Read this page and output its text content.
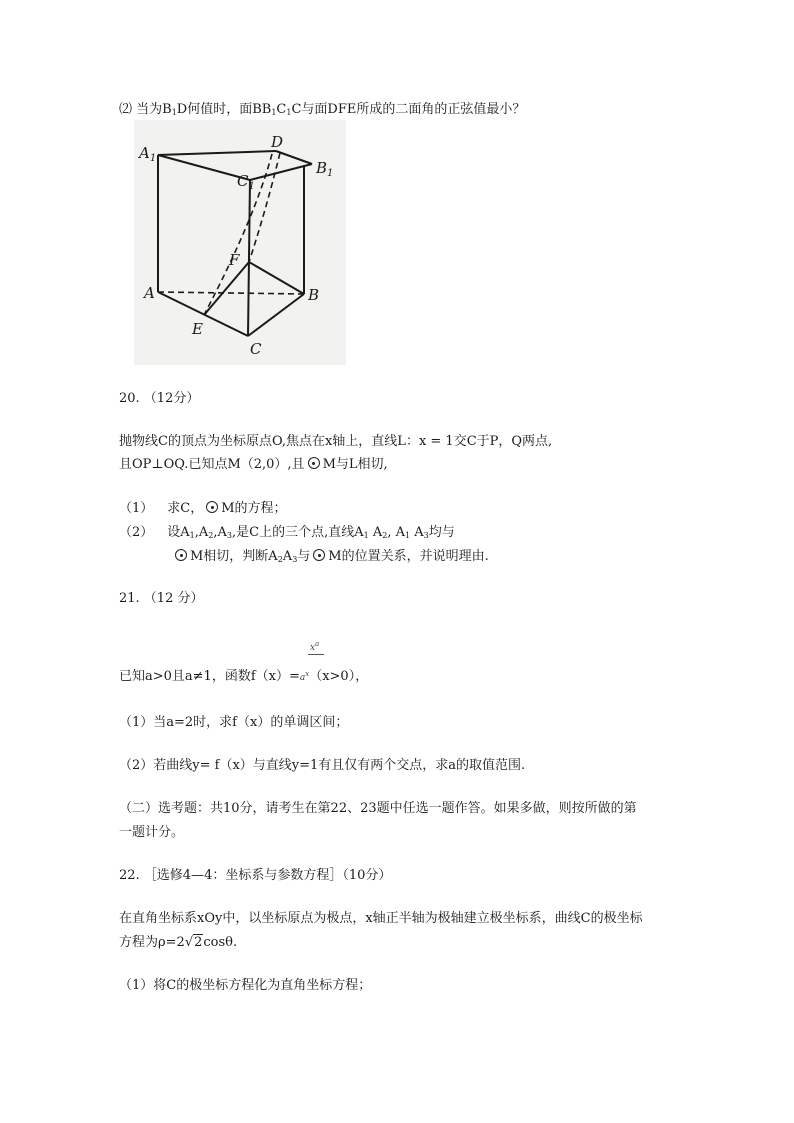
⑵ 当为$B_1D$何值时，面$BB_1C_1C$与面DFE所成的二面角的正弦值最小？
$A_1$
D
$B_1$
$C_1$
F
A	B
E
C
20. （12分）
抛物线C的顶点为坐标原点O,焦点在x轴上，直线L：x = 1交C于P，Q两点,
且OP⊥OQ.已知点M（2,0）,且 M与L相切,
（1） 求C， M的方程；
（2） 设$A_1,A_2,A_3$,是C上的三个点,直线$A_1$ $A_2$, $A_1$ $A_3$均与
M相切，判断$A_2A_3$与 M的位置关系，并说明理由.
21. （12 分）
$x^a$
已知a>0且a≠1，函数$f(x)=a^x(x>0)$，
（1）当a=2时，求f（x）的单调区间；
（2）若曲线y= f（x）与直线y=1有且仅有两个交点，求a的取值范围.
（二）选考题：共10分，请考生在第22、23题中任选一题作答。如果多做，则按所做的第
一题计分。
22. ［选修4—4：坐标系与参数方程］（10分）
在直角坐标系xOy中，以坐标原点为极点，x轴正半轴为极轴建立极坐标系，曲线C的极坐标
方程为ρ=2√2cosθ.
（1）将C的极坐标方程化为直角坐标方程；
